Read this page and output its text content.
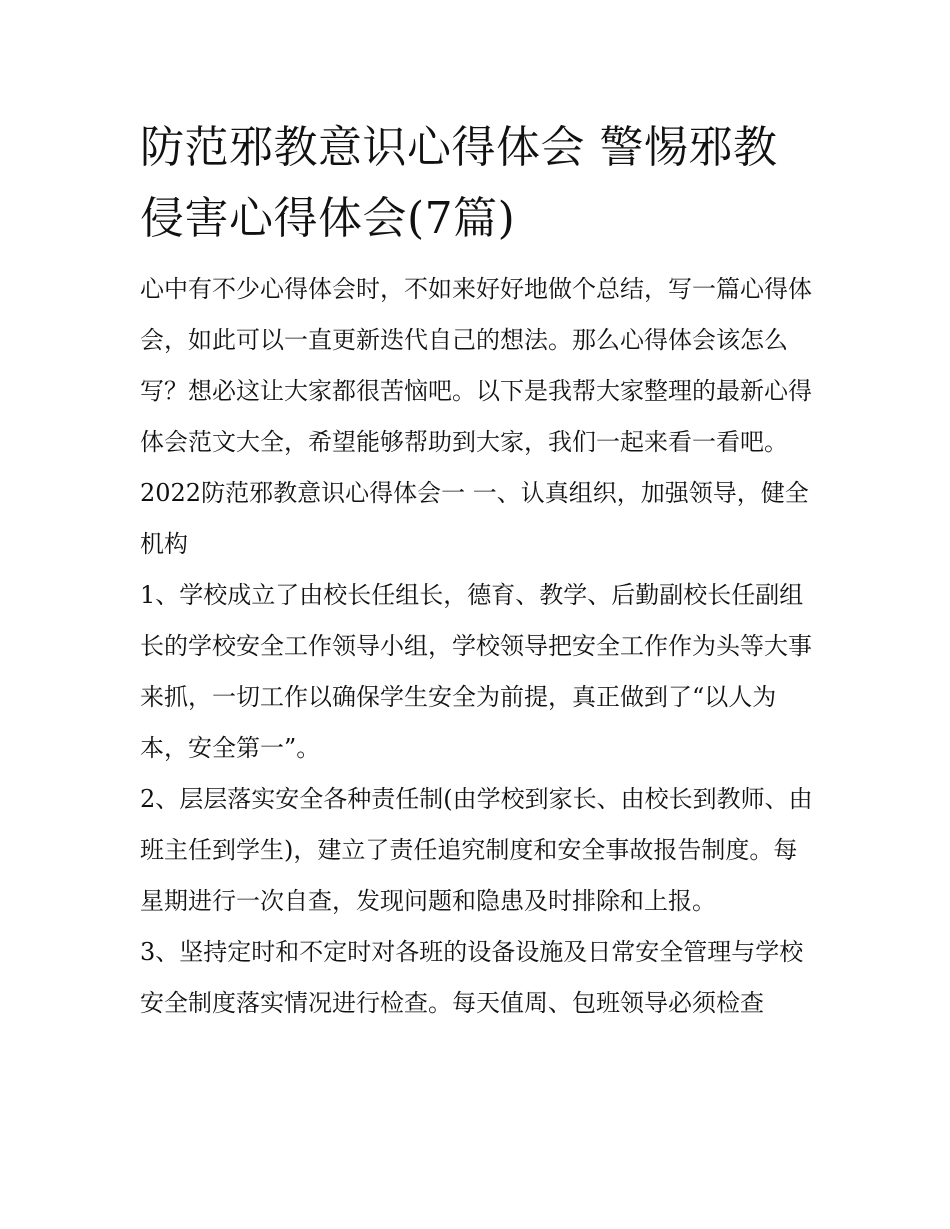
防范邪教意识心得体会 警惕邪教侵害心得体会(7篇)

心中有不少心得体会时，不如来好好地做个总结，写一篇心得体会，如此可以一直更新迭代自己的想法。那么心得体会该怎么写？想必这让大家都很苦恼吧。以下是我帮大家整理的最新心得体会范文大全，希望能够帮助到大家，我们一起来看一看吧。

2022防范邪教意识心得体会一 一、认真组织，加强领导，健全机构

1、学校成立了由校长任组长，德育、教学、后勤副校长任副组长的学校安全工作领导小组，学校领导把安全工作作为头等大事来抓，一切工作以确保学生安全为前提，真正做到了“以人为本，安全第一”。

2、层层落实安全各种责任制(由学校到家长、由校长到教师、由班主任到学生)，建立了责任追究制度和安全事故报告制度。每星期进行一次自查，发现问题和隐患及时排除和上报。

3、坚持定时和不定时对各班的设备设施及日常安全管理与学校安全制度落实情况进行检查。每天值周、包班领导必须检查
